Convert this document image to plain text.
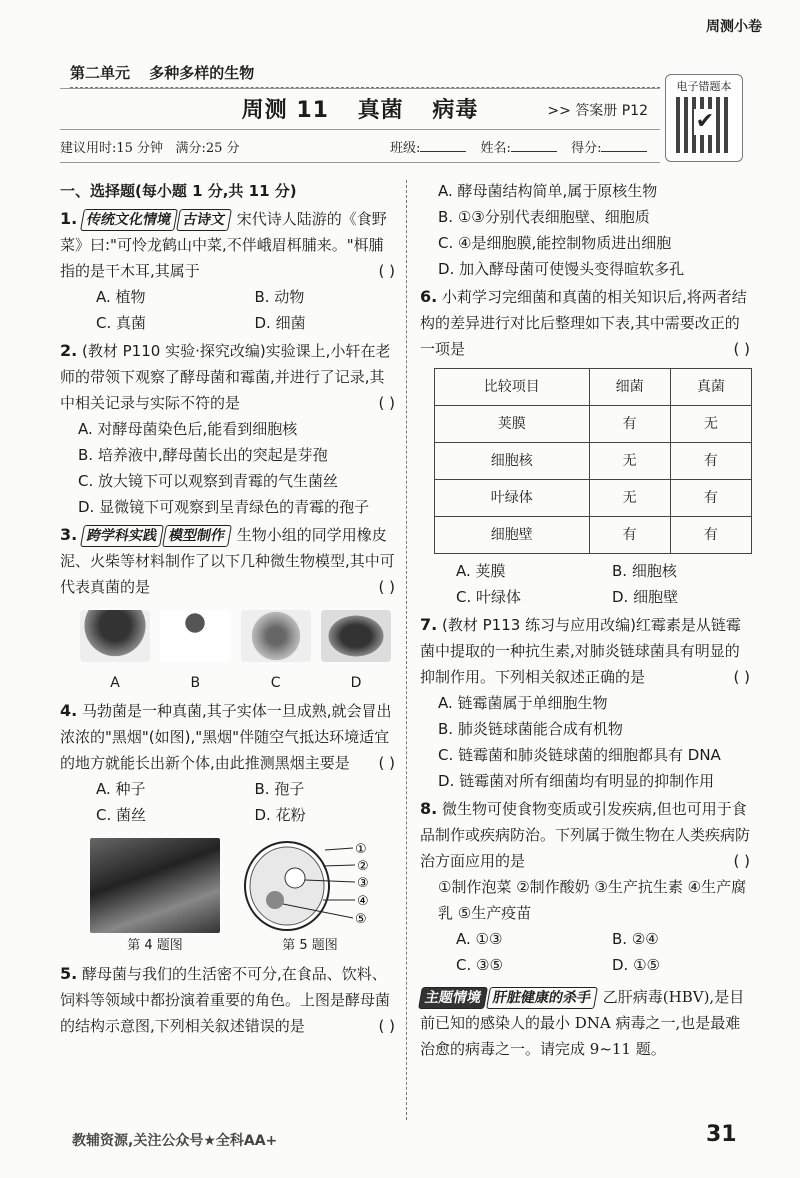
周测小卷
第二单元 多种多样的生物
周测 11 真菌 病毒	>> 答案册 P12
电子错题本
✔
建议用时:15 分钟 满分:25 分	班级:	姓名:	得分:
一、选择题(每小题 1 分,共 11 分)
1. 传统文化情境 古诗文 宋代诗人陆游的《食野菜》曰:"可怜龙鹤山中菜,不伴峨眉栮脯来。"栮脯指的是干木耳,其属于	( )
A. 植物	B. 动物
C. 真菌	D. 细菌
2. (教材 P110 实验·探究改编)实验课上,小轩在老师的带领下观察了酵母菌和霉菌,并进行了记录,其中相关记录与实际不符的是	( )
A. 对酵母菌染色后,能看到细胞核
B. 培养液中,酵母菌长出的突起是芽孢
C. 放大镜下可以观察到青霉的气生菌丝
D. 显微镜下可观察到呈青绿色的青霉的孢子
3. 跨学科实践 模型制作 生物小组的同学用橡皮泥、火柴等材料制作了以下几种微生物模型,其中可代表真菌的是	( )
A	B	C	D
4. 马勃菌是一种真菌,其子实体一旦成熟,就会冒出浓浓的"黑烟"(如图),"黑烟"伴随空气抵达环境适宜的地方就能长出新个体,由此推测黑烟主要是 ( )
A. 种子	B. 孢子
C. 菌丝	D. 花粉
第 4 题图
①
②
③
④
⑤
第 5 题图
5. 酵母菌与我们的生活密不可分,在食品、饮料、饲料等领域中都扮演着重要的角色。上图是酵母菌的结构示意图,下列相关叙述错误的是	( )
A. 酵母菌结构简单,属于原核生物
B. ①③分别代表细胞壁、细胞质
C. ④是细胞膜,能控制物质进出细胞
D. 加入酵母菌可使馒头变得暄软多孔
6. 小莉学习完细菌和真菌的相关知识后,将两者结构的差异进行对比后整理如下表,其中需要改正的一项是	( )
比较项目	细菌	真菌
荚膜	有	无
细胞核	无	有
叶绿体	无	有
细胞壁	有	有
A. 荚膜	B. 细胞核
C. 叶绿体	D. 细胞壁
7. (教材 P113 练习与应用改编)红霉素是从链霉菌中提取的一种抗生素,对肺炎链球菌具有明显的抑制作用。下列相关叙述正确的是	( )
A. 链霉菌属于单细胞生物
B. 肺炎链球菌能合成有机物
C. 链霉菌和肺炎链球菌的细胞都具有 DNA
D. 链霉菌对所有细菌均有明显的抑制作用
8. 微生物可使食物变质或引发疾病,但也可用于食品制作或疾病防治。下列属于微生物在人类疾病防治方面应用的是	( )
①制作泡菜 ②制作酸奶 ③生产抗生素 ④生产腐乳 ⑤生产疫苗
A. ①③	B. ②④
C. ③⑤	D. ①⑤
主题情境 肝脏健康的杀手 乙肝病毒(HBV),是目前已知的感染人的最小 DNA 病毒之一,也是最难治愈的病毒之一。请完成 9~11 题。
教辅资源,关注公众号★全科AA+	31
